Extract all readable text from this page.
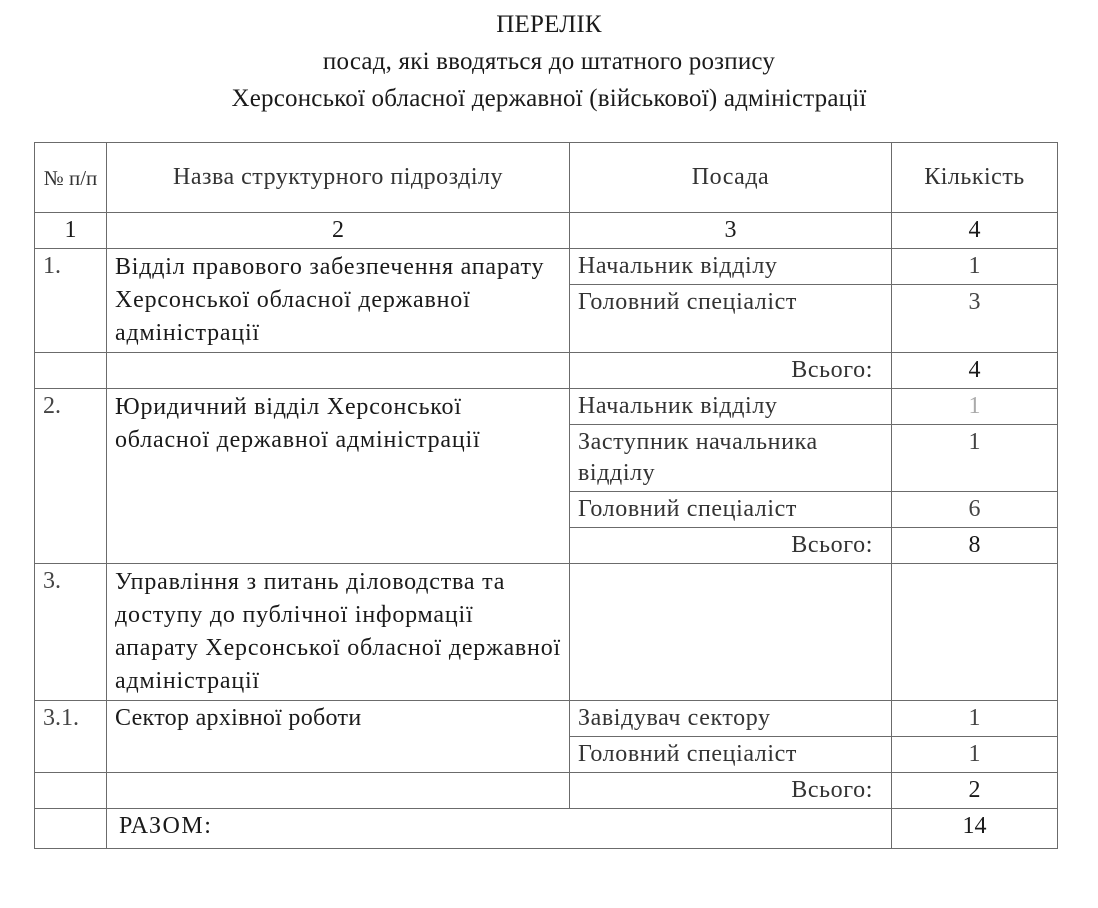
ПЕРЕЛІК
посад, які вводяться до штатного розпису
Херсонської обласної державної (військової) адміністрації
№ п/п	Назва структурного підрозділу	Посада	Кількість
1	2	3	4
1.	Відділ правового забезпечення апарату Херсонської обласної державної адміністрації	Начальник відділу	1
		Головний спеціаліст	3
		Всього:	4
2.	Юридичний відділ Херсонської обласної державної адміністрації	Начальник відділу	1
		Заступник начальника відділу	1
		Головний спеціаліст	6
		Всього:	8
3.	Управління з питань діловодства та доступу до публічної інформації апарату Херсонської обласної державної адміністрації		
3.1.	Сектор архівної роботи	Завідувач сектору	1
		Головний спеціаліст	1
		Всього:	2
	РАЗОМ:		14
